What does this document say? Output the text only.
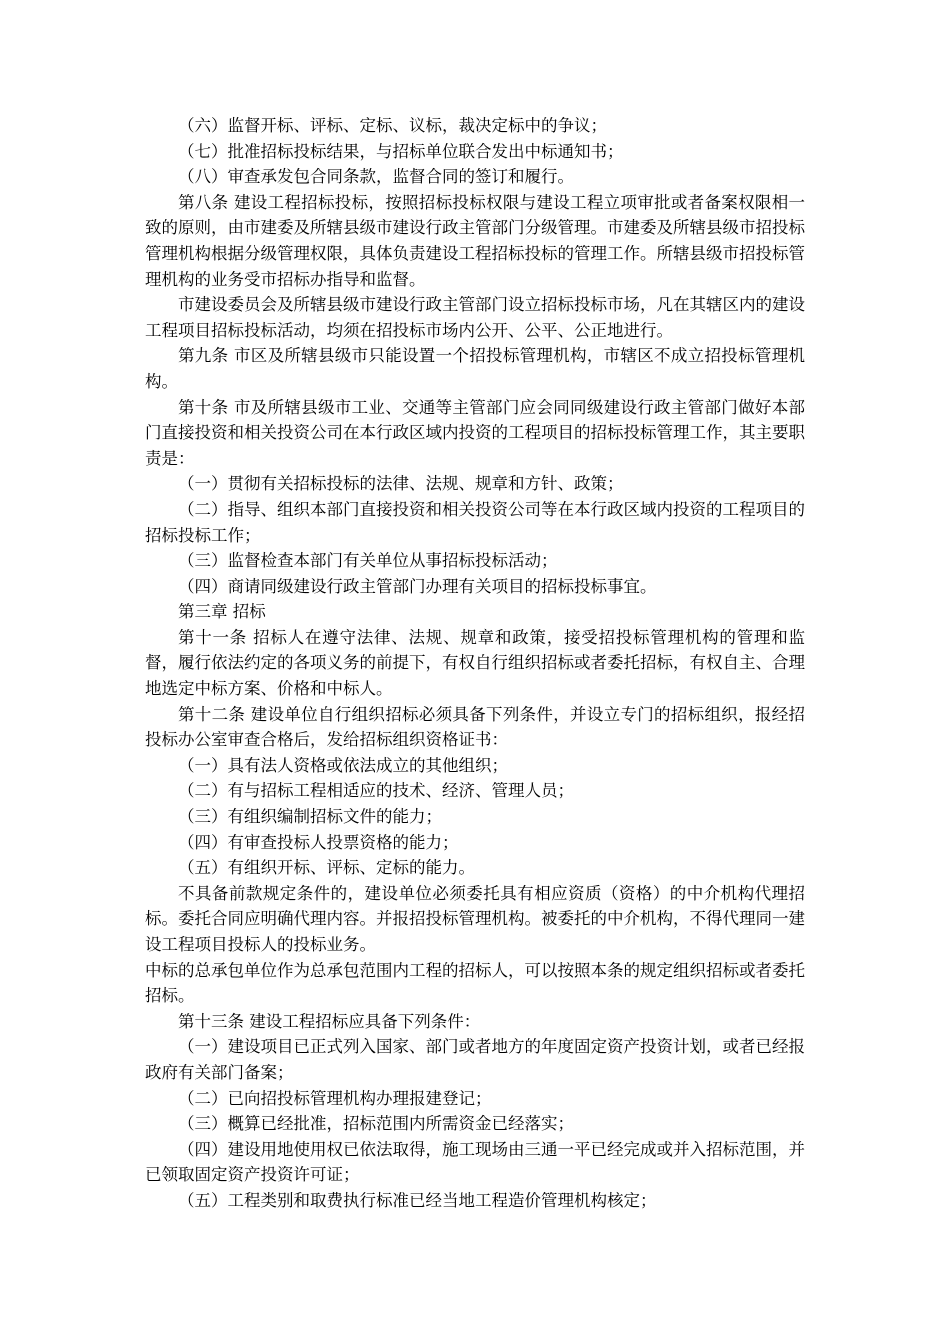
（六）监督开标、评标、定标、议标，裁决定标中的争议；

（七）批准招标投标结果，与招标单位联合发出中标通知书；

（八）审查承发包合同条款，监督合同的签订和履行。

第八条 建设工程招标投标，按照招标投标权限与建设工程立项审批或者备案权限相一致的原则，由市建委及所辖县级市建设行政主管部门分级管理。市建委及所辖县级市招投标管理机构根据分级管理权限，具体负责建设工程招标投标的管理工作。所辖县级市招投标管理机构的业务受市招标办指导和监督。

市建设委员会及所辖县级市建设行政主管部门设立招标投标市场，凡在其辖区内的建设工程项目招标投标活动，均须在招投标市场内公开、公平、公正地进行。

第九条 市区及所辖县级市只能设置一个招投标管理机构，市辖区不成立招投标管理机构。

第十条 市及所辖县级市工业、交通等主管部门应会同同级建设行政主管部门做好本部门直接投资和相关投资公司在本行政区域内投资的工程项目的招标投标管理工作，其主要职责是：

（一）贯彻有关招标投标的法律、法规、规章和方针、政策；

（二）指导、组织本部门直接投资和相关投资公司等在本行政区域内投资的工程项目的招标投标工作；

（三）监督检查本部门有关单位从事招标投标活动；

（四）商请同级建设行政主管部门办理有关项目的招标投标事宜。

第三章 招标

第十一条 招标人在遵守法律、法规、规章和政策，接受招投标管理机构的管理和监督，履行依法约定的各项义务的前提下，有权自行组织招标或者委托招标，有权自主、合理地选定中标方案、价格和中标人。

第十二条 建设单位自行组织招标必须具备下列条件，并设立专门的招标组织，报经招投标办公室审查合格后，发给招标组织资格证书：

（一）具有法人资格或依法成立的其他组织；

（二）有与招标工程相适应的技术、经济、管理人员；

（三）有组织编制招标文件的能力；

（四）有审查投标人投票资格的能力；

（五）有组织开标、评标、定标的能力。

不具备前款规定条件的，建设单位必须委托具有相应资质（资格）的中介机构代理招标。委托合同应明确代理内容。并报招投标管理机构。被委托的中介机构，不得代理同一建设工程项目投标人的投标业务。

中标的总承包单位作为总承包范围内工程的招标人，可以按照本条的规定组织招标或者委托招标。

第十三条 建设工程招标应具备下列条件：

（一）建设项目已正式列入国家、部门或者地方的年度固定资产投资计划，或者已经报政府有关部门备案；

（二）已向招投标管理机构办理报建登记；

（三）概算已经批准，招标范围内所需资金已经落实；

（四）建设用地使用权已依法取得，施工现场由三通一平已经完成或并入招标范围，并已领取固定资产投资许可证；

（五）工程类别和取费执行标准已经当地工程造价管理机构核定；
